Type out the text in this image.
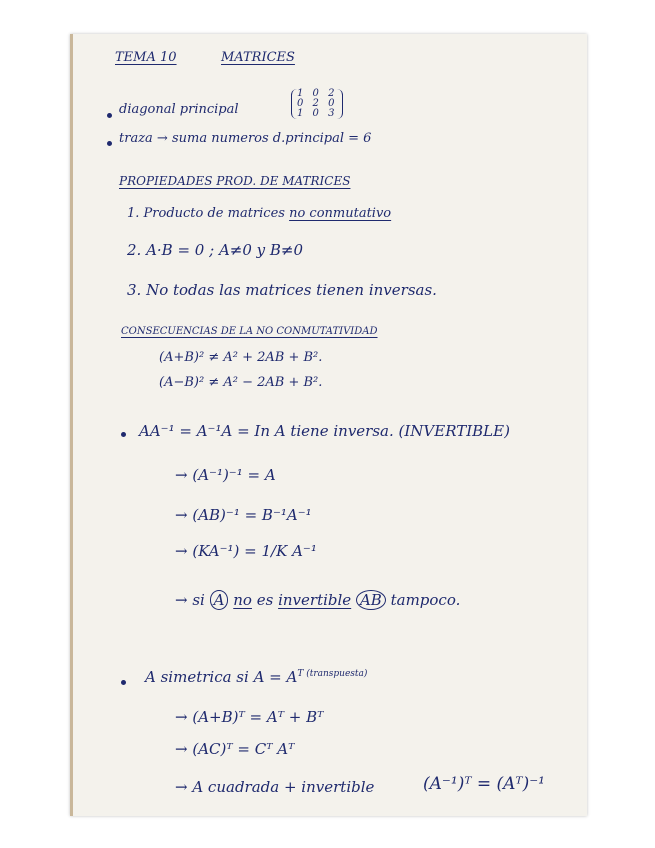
TEMA 10	MATRICES
diagonal principal
1 0 2
0 2 0
1 0 3
traza → suma numeros d.principal = 6
PROPIEDADES PROD. DE MATRICES
1. Producto de matrices no conmutativo
2. A·B = 0 ; A≠0 y B≠0
3. No todas las matrices tienen inversas.
CONSECUENCIAS DE LA NO CONMUTATIVIDAD
(A+B)² ≠ A² + 2AB + B².
(A−B)² ≠ A² − 2AB + B².
AA⁻¹ = A⁻¹A = In A tiene inversa. (INVERTIBLE)
→ (A⁻¹)⁻¹ = A
→ (AB)⁻¹ = B⁻¹A⁻¹
→ (KA⁻¹) = 1/K A⁻¹
→ si A no es invertible AB tampoco.
A simetrica si $A = A^{T (transpuesta)}$
→ (A+B)ᵀ = Aᵀ + Bᵀ
→ (AC)ᵀ = Cᵀ Aᵀ
→ A cuadrada + invertible	(A⁻¹)ᵀ = (Aᵀ)⁻¹
